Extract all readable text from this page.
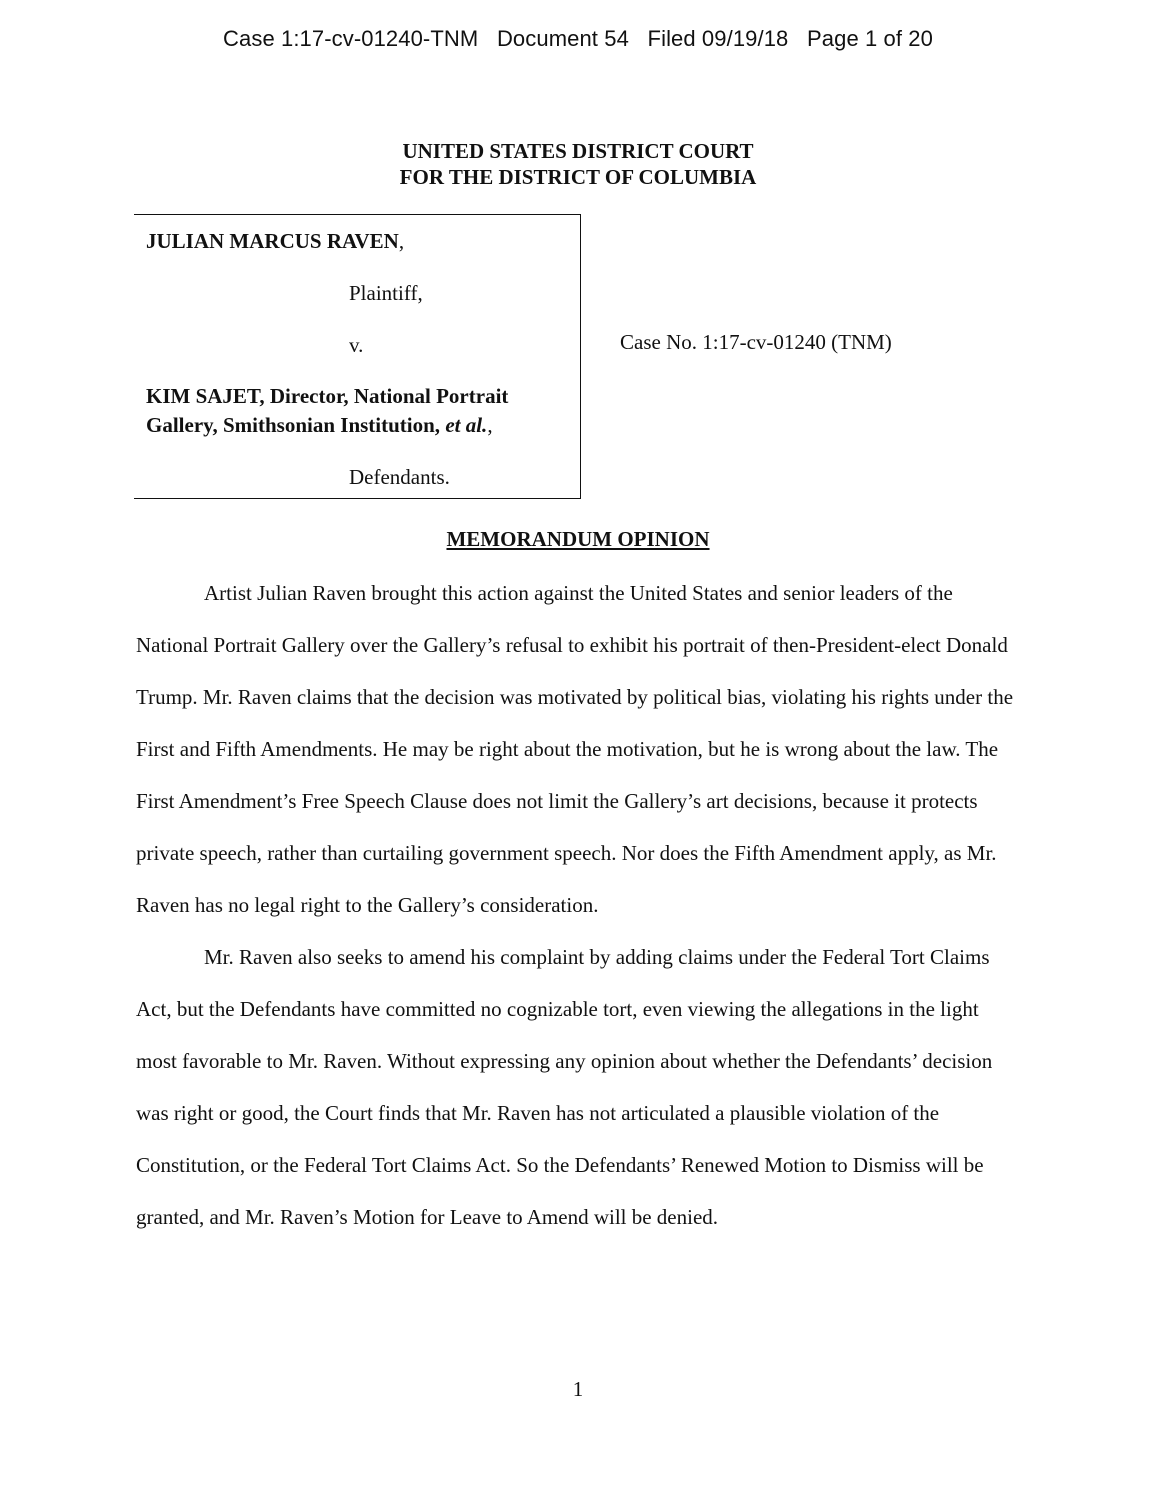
Case 1:17-cv-01240-TNM   Document 54   Filed 09/19/18   Page 1 of 20
UNITED STATES DISTRICT COURT
FOR THE DISTRICT OF COLUMBIA
JULIAN MARCUS RAVEN,
Plaintiff,
v.
KIM SAJET, Director, National Portrait
Gallery, Smithsonian Institution, et al.,
Defendants.
Case No. 1:17-cv-01240 (TNM)
MEMORANDUM OPINION

Artist Julian Raven brought this action against the United States and senior leaders of the National Portrait Gallery over the Gallery’s refusal to exhibit his portrait of then-President-elect Donald Trump. Mr. Raven claims that the decision was motivated by political bias, violating his rights under the First and Fifth Amendments. He may be right about the motivation, but he is wrong about the law. The First Amendment’s Free Speech Clause does not limit the Gallery’s art decisions, because it protects private speech, rather than curtailing government speech. Nor does the Fifth Amendment apply, as Mr. Raven has no legal right to the Gallery’s consideration.

Mr. Raven also seeks to amend his complaint by adding claims under the Federal Tort Claims Act, but the Defendants have committed no cognizable tort, even viewing the allegations in the light most favorable to Mr. Raven. Without expressing any opinion about whether the Defendants’ decision was right or good, the Court finds that Mr. Raven has not articulated a plausible violation of the Constitution, or the Federal Tort Claims Act. So the Defendants’ Renewed Motion to Dismiss will be granted, and Mr. Raven’s Motion for Leave to Amend will be denied.

1
